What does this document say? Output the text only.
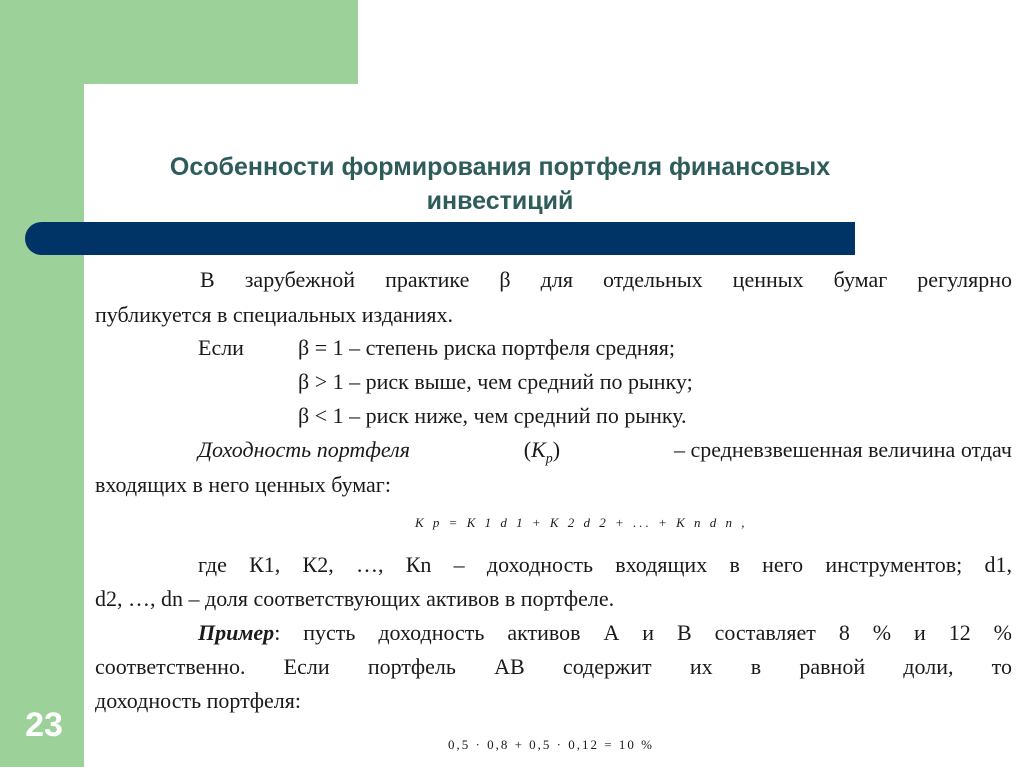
23
Особенности формирования портфеля финансовых
инвестиций
В зарубежной практике β для отдельных ценных бумаг регулярно
публикуется в специальных изданиях.
Если β = 1 – степень риска портфеля средняя;
β > 1 – риск выше, чем средний по рынку;
β < 1 – риск ниже, чем средний по рынку.
Доходность портфеля	$(K_p)$	– средневзвешенная величина отдач
входящих в него ценных бумаг:
K p = K 1 d 1 + K 2 d 2 + ... + K n d n ,
где К1, К2, …, Кn – доходность входящих в него инструментов; d1,
d2, …, dn – доля соответствующих активов в портфеле.
Пример : пусть доходность активов А и В составляет 8 % и 12 %
соответственно. Если портфель АВ содержит их в равной доли, то
доходность портфеля:
0,5 · 0,8 + 0,5 · 0,12 = 10 %
